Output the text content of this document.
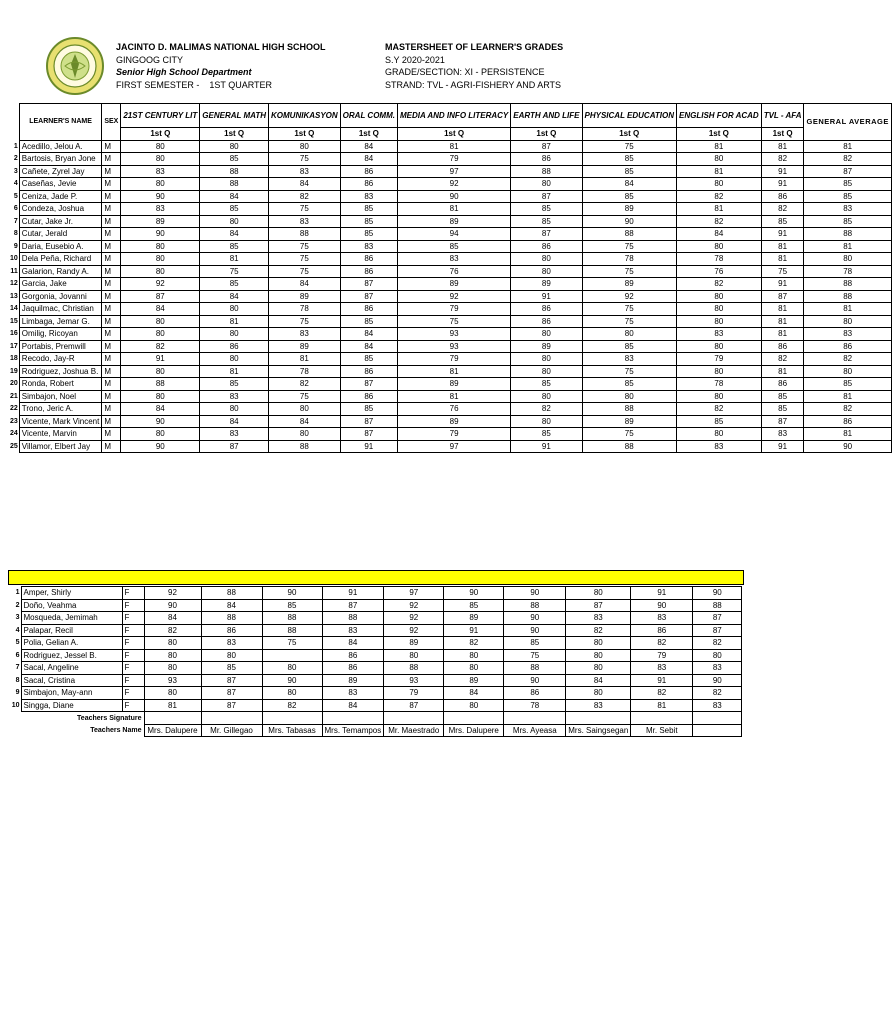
JACINTO D. MALIMAS NATIONAL HIGH SCHOOL
GINGOOG CITY
Senior High School Department
FIRST SEMESTER -    1ST QUARTER
MASTERSHEET OF LEARNER'S GRADES
S.Y 2020-2021
GRADE/SECTION: XI - PERSISTENCE
STRAND: TVL - AGRI-FISHERY AND ARTS
	LEARNER'S NAME	SEX	21ST CENTURY LIT	GENERAL MATH	KOMUNIKASYON	ORAL COMM.	MEDIA AND INFO LITERACY	EARTH AND LIFE	PHYSICAL EDUCATION	ENGLISH FOR ACAD	TVL - AFA	GENERAL AVERAGE
			1st Q	1st Q	1st Q	1st Q	1st Q	1st Q	1st Q	1st Q	1st Q	
1	Acedillo, Jelou A.	M	80	80	80	84	81	87	75	81	81	81
2	Bartosis, Bryan Jone	M	80	85	75	84	79	86	85	80	82	82
3	Cañete, Zyrel Jay	M	83	88	83	86	97	88	85	81	91	87
4	Caseñas, Jevie	M	80	88	84	86	92	80	84	80	91	85
5	Ceniza, Jade P.	M	90	84	82	83	90	87	85	82	86	85
6	Condeza, Joshua	M	83	85	75	85	81	85	89	81	82	83
7	Cutar, Jake Jr.	M	89	80	83	85	89	85	90	82	85	85
8	Cutar, Jerald	M	90	84	88	85	94	87	88	84	91	88
9	Daria, Eusebio A.	M	80	85	75	83	85	86	75	80	81	81
10	Dela Peña, Richard	M	80	81	75	86	83	80	78	78	81	80
11	Galarion, Randy A.	M	80	75	75	86	76	80	75	76	75	78
12	Garcia, Jake	M	92	85	84	87	89	89	89	82	91	88
13	Gorgonia, Jovanni	M	87	84	89	87	92	91	92	80	87	88
14	Jaquilmac, Christian	M	84	80	78	86	79	86	75	80	81	81
15	Limbaga, Jemar G.	M	80	81	75	85	75	86	75	80	81	80
16	Omilig, Ricoyan	M	80	80	83	84	93	80	80	83	81	83
17	Portabis, Premwill	M	82	86	89	84	93	89	85	80	86	86
18	Recodo, Jay-R	M	91	80	81	85	79	80	83	79	82	82
19	Rodriguez, Joshua B.	M	80	81	78	86	81	80	75	80	81	80
20	Ronda, Robert	M	88	85	82	87	89	85	85	78	86	85
21	Simbajon, Noel	M	80	83	75	86	81	80	80	80	85	81
22	Trono, Jeric A.	M	84	80	80	85	76	82	88	82	85	82
23	Vicente, Mark Vincent	M	90	84	84	87	89	80	89	85	87	86
24	Vicente, Marvin	M	80	83	80	87	79	85	75	80	83	81
25	Villamor, Elbert Jay	M	90	87	88	91	97	91	88	83	91	90
1	Amper, Shirly	F	92	88	90	91	97	90	90	80	91	90
2	Doño, Veahma	F	90	84	85	87	92	85	88	87	90	88
3	Mosqueda, Jemimah	F	84	88	88	88	92	89	90	83	83	87
4	Palapar, Recil	F	82	86	88	83	92	91	90	82	86	87
5	Polia, Gelian A.	F	80	83	75	84	89	82	85	80	82	82
6	Rodriguez, Jessel B.	F	80	80		86	80	80	75	80	79	80
7	Sacal, Angeline	F	80	85	80	86	88	80	88	80	83	83
8	Sacal, Cristina	F	93	87	90	89	93	89	90	84	91	90
9	Simbajon, May-ann	F	80	87	80	83	79	84	86	80	82	82
10	Singga, Diane	F	81	87	82	84	87	80	78	83	81	83
Teachers Signature												
Teachers Name			Mrs. Dalupere	Mr. Gillegao	Mrs. Tabasas	Mrs. Temampos	Mr. Maestrado	Mrs. Dalupere	Mrs. Ayeasa	Mrs. Saingsegan	Mr. Sebit	
